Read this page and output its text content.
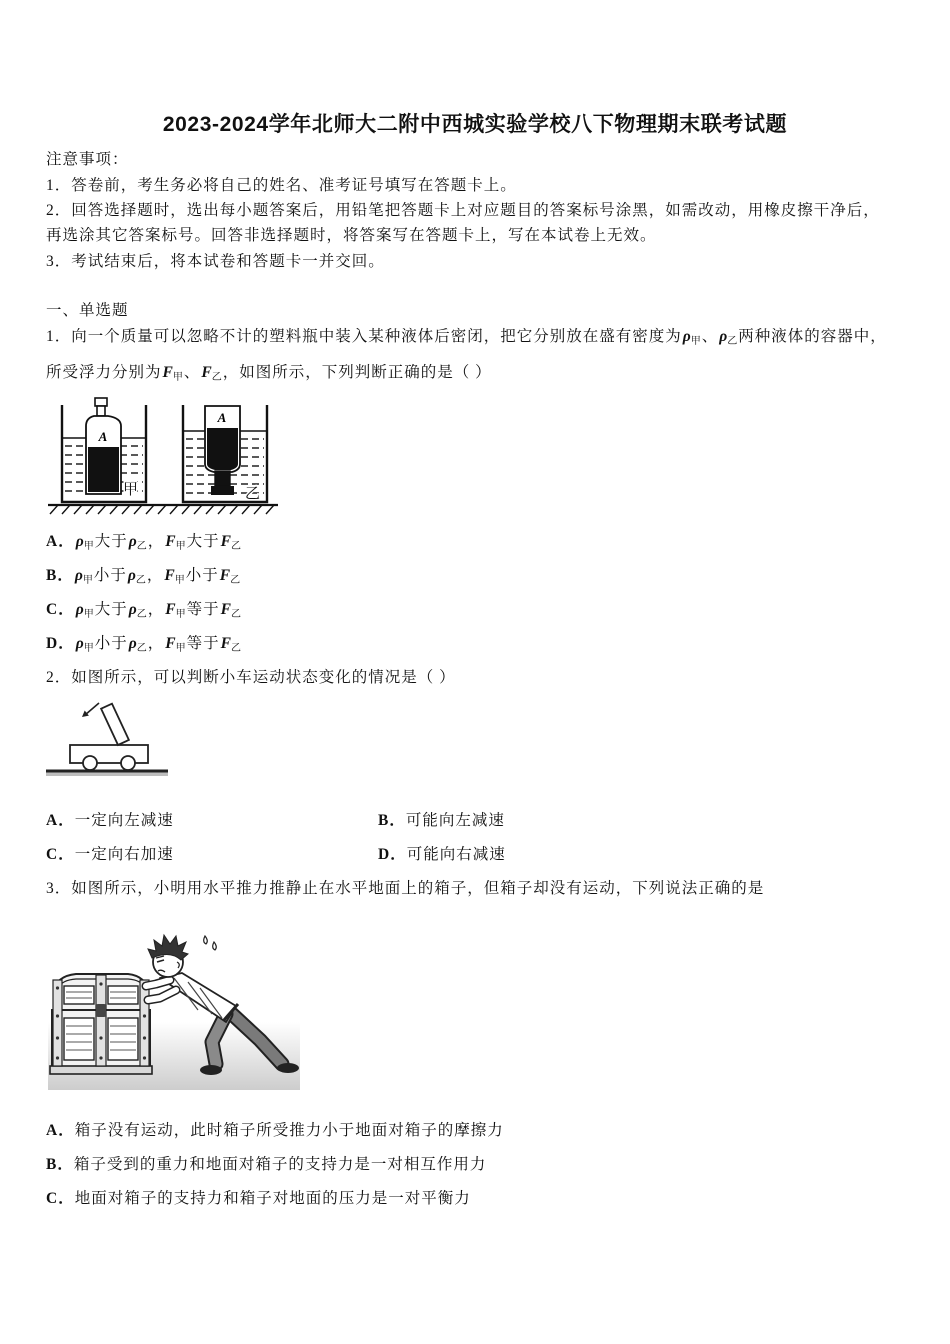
2023-2024学年北师大二附中西城实验学校八下物理期末联考试题
注意事项：
1．答卷前，考生务必将自己的姓名、准考证号填写在答题卡上。
2．回答选择题时，选出每小题答案后，用铅笔把答题卡上对应题目的答案标号涂黑，如需改动，用橡皮擦干净后，
再选涂其它答案标号。回答非选择题时，将答案写在答题卡上，写在本试卷上无效。
3．考试结束后，将本试卷和答题卡一并交回。
一、单选题
1．向一个质量可以忽略不计的塑料瓶中装入某种液体后密闭，把它分别放在盛有密度为ρ甲、ρ乙两种液体的容器中，
所受浮力分别为F甲、F乙，如图所示，下列判断正确的是（ ）
A
甲
A
乙
A．ρ甲大于ρ乙，F甲大于F乙
B．ρ甲小于ρ乙，F甲小于F乙
C．ρ甲大于ρ乙，F甲等于F乙
D．ρ甲小于ρ乙，F甲等于F乙
2．如图所示，可以判断小车运动状态变化的情况是（ ）
A．一定向左减速	B．可能向左减速
C．一定向右加速	D．可能向右减速
3．如图所示，小明用水平推力推静止在水平地面上的箱子，但箱子却没有运动，下列说法正确的是
A．箱子没有运动，此时箱子所受推力小于地面对箱子的摩擦力
B．箱子受到的重力和地面对箱子的支持力是一对相互作用力
C．地面对箱子的支持力和箱子对地面的压力是一对平衡力
